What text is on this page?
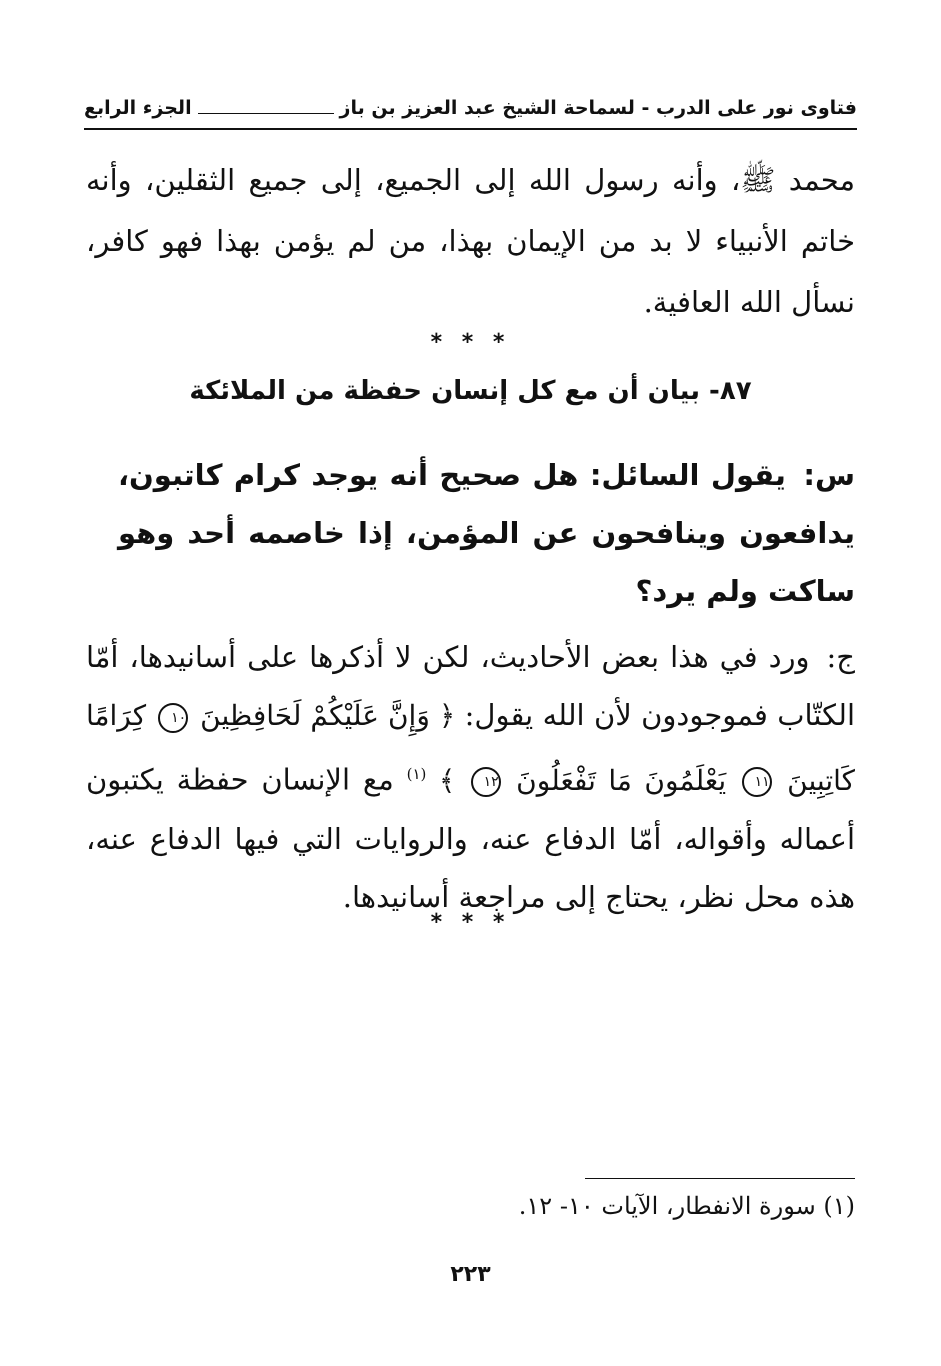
فتاوى نور على الدرب - لسماحة الشيخ عبد العزيز بن باز
الجزء الرابع
محمد ﷺ، وأنه رسول الله إلى الجميع، إلى جميع الثقلين، وأنه خاتم الأنبياء لا بد من الإيمان بهذا، من لم يؤمن بهذا فهو كافر، نسأل الله العافية.
* * *
٨٧- بيان أن مع كل إنسان حفظة من الملائكة
س: يقول السائل: هل صحيح أنه يوجد كرام كاتبون، يدافعون وينافحون عن المؤمن، إذا خاصمه أحد وهو ساكت ولم يرد؟
ج: ورد في هذا بعض الأحاديث، لكن لا أذكرها على أسانيدها، أمّا الكتّاب فموجودون لأن الله يقول: ﴿ وَإِنَّ عَلَيْكُمْ لَحَافِظِينَ ١٠ كِرَامًا كَاتِبِينَ ١١ يَعْلَمُونَ مَا تَفْعَلُونَ ١٢ ﴾ $^{(١)}$ مع الإنسان حفظة يكتبون أعماله وأقواله، أمّا الدفاع عنه، والروايات التي فيها الدفاع عنه، هذه محل نظر، يحتاج إلى مراجعة أسانيدها.
* * *
(١) سورة الانفطار، الآيات ١٠- ١٢.
٢٢٣
